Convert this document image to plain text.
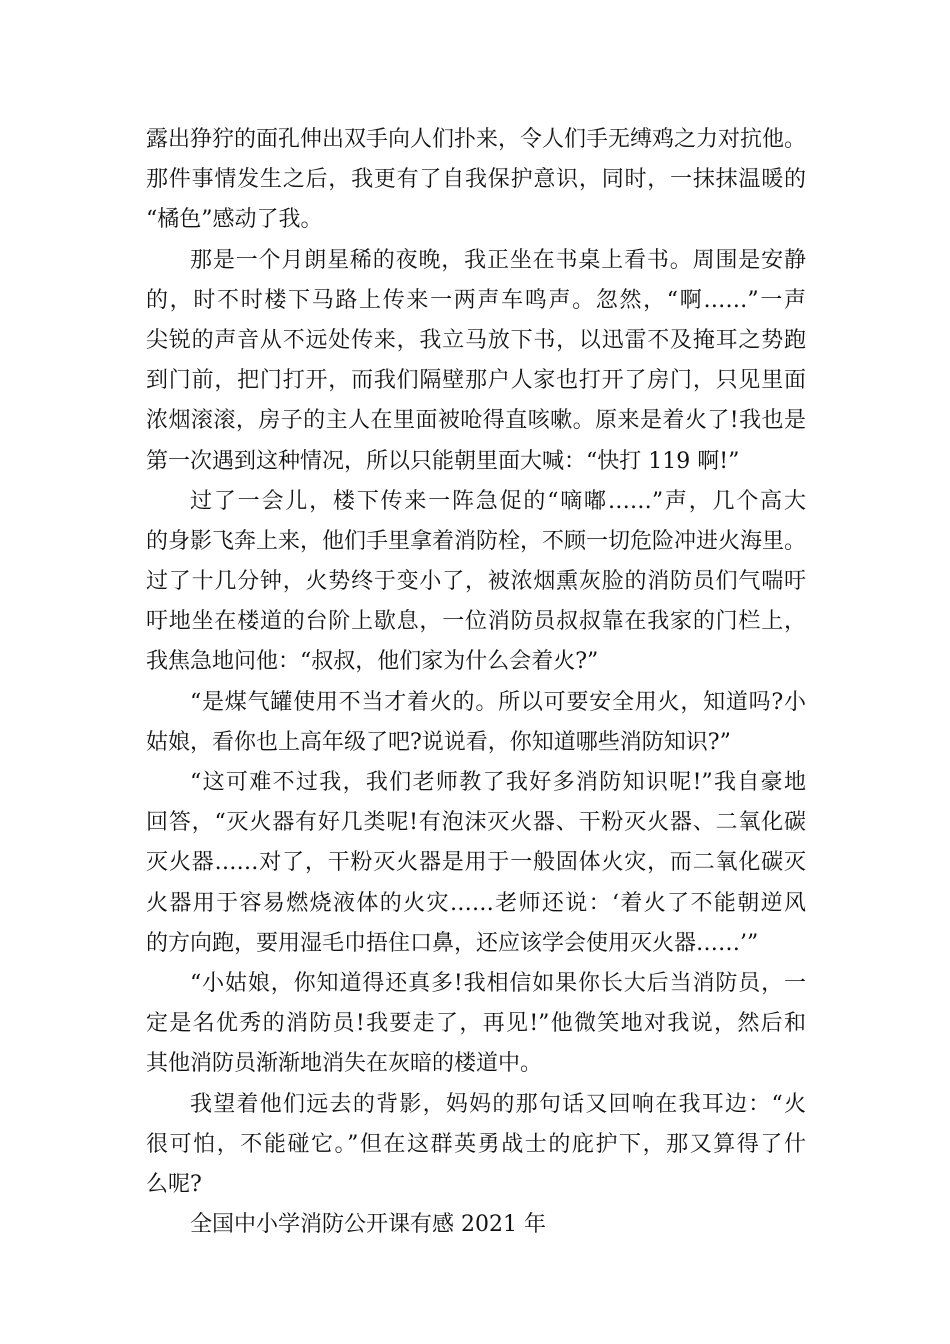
露出狰狞的面孔伸出双手向人们扑来，令人们手无缚鸡之力对抗他。
那件事情发生之后，我更有了自我保护意识，同时，一抹抹温暖的
“橘色”感动了我。
那是一个月朗星稀的夜晚，我正坐在书桌上看书。周围是安静
的，时不时楼下马路上传来一两声车鸣声。忽然，“啊……”一声
尖锐的声音从不远处传来，我立马放下书，以迅雷不及掩耳之势跑
到门前，把门打开，而我们隔壁那户人家也打开了房门，只见里面
浓烟滚滚，房子的主人在里面被呛得直咳嗽。原来是着火了!我也是
第一次遇到这种情况，所以只能朝里面大喊：“快打 119 啊!”
过了一会儿，楼下传来一阵急促的“嘀嘟……”声，几个高大
的身影飞奔上来，他们手里拿着消防栓，不顾一切危险冲进火海里。
过了十几分钟，火势终于变小了，被浓烟熏灰脸的消防员们气喘吁
吁地坐在楼道的台阶上歇息，一位消防员叔叔靠在我家的门栏上，
我焦急地问他：“叔叔，他们家为什么会着火?”
“是煤气罐使用不当才着火的。所以可要安全用火，知道吗?小
姑娘，看你也上高年级了吧?说说看，你知道哪些消防知识?”
“这可难不过我，我们老师教了我好多消防知识呢!”我自豪地
回答，“灭火器有好几类呢!有泡沫灭火器、干粉灭火器、二氧化碳
灭火器……对了，干粉灭火器是用于一般固体火灾，而二氧化碳灭
火器用于容易燃烧液体的火灾……老师还说：‘着火了不能朝逆风
的方向跑，要用湿毛巾捂住口鼻，还应该学会使用灭火器……’”
“小姑娘，你知道得还真多!我相信如果你长大后当消防员，一
定是名优秀的消防员!我要走了，再见!”他微笑地对我说，然后和
其他消防员渐渐地消失在灰暗的楼道中。
我望着他们远去的背影，妈妈的那句话又回响在我耳边：“火
很可怕，不能碰它。”但在这群英勇战士的庇护下，那又算得了什
么呢?
全国中小学消防公开课有感 2021 年
